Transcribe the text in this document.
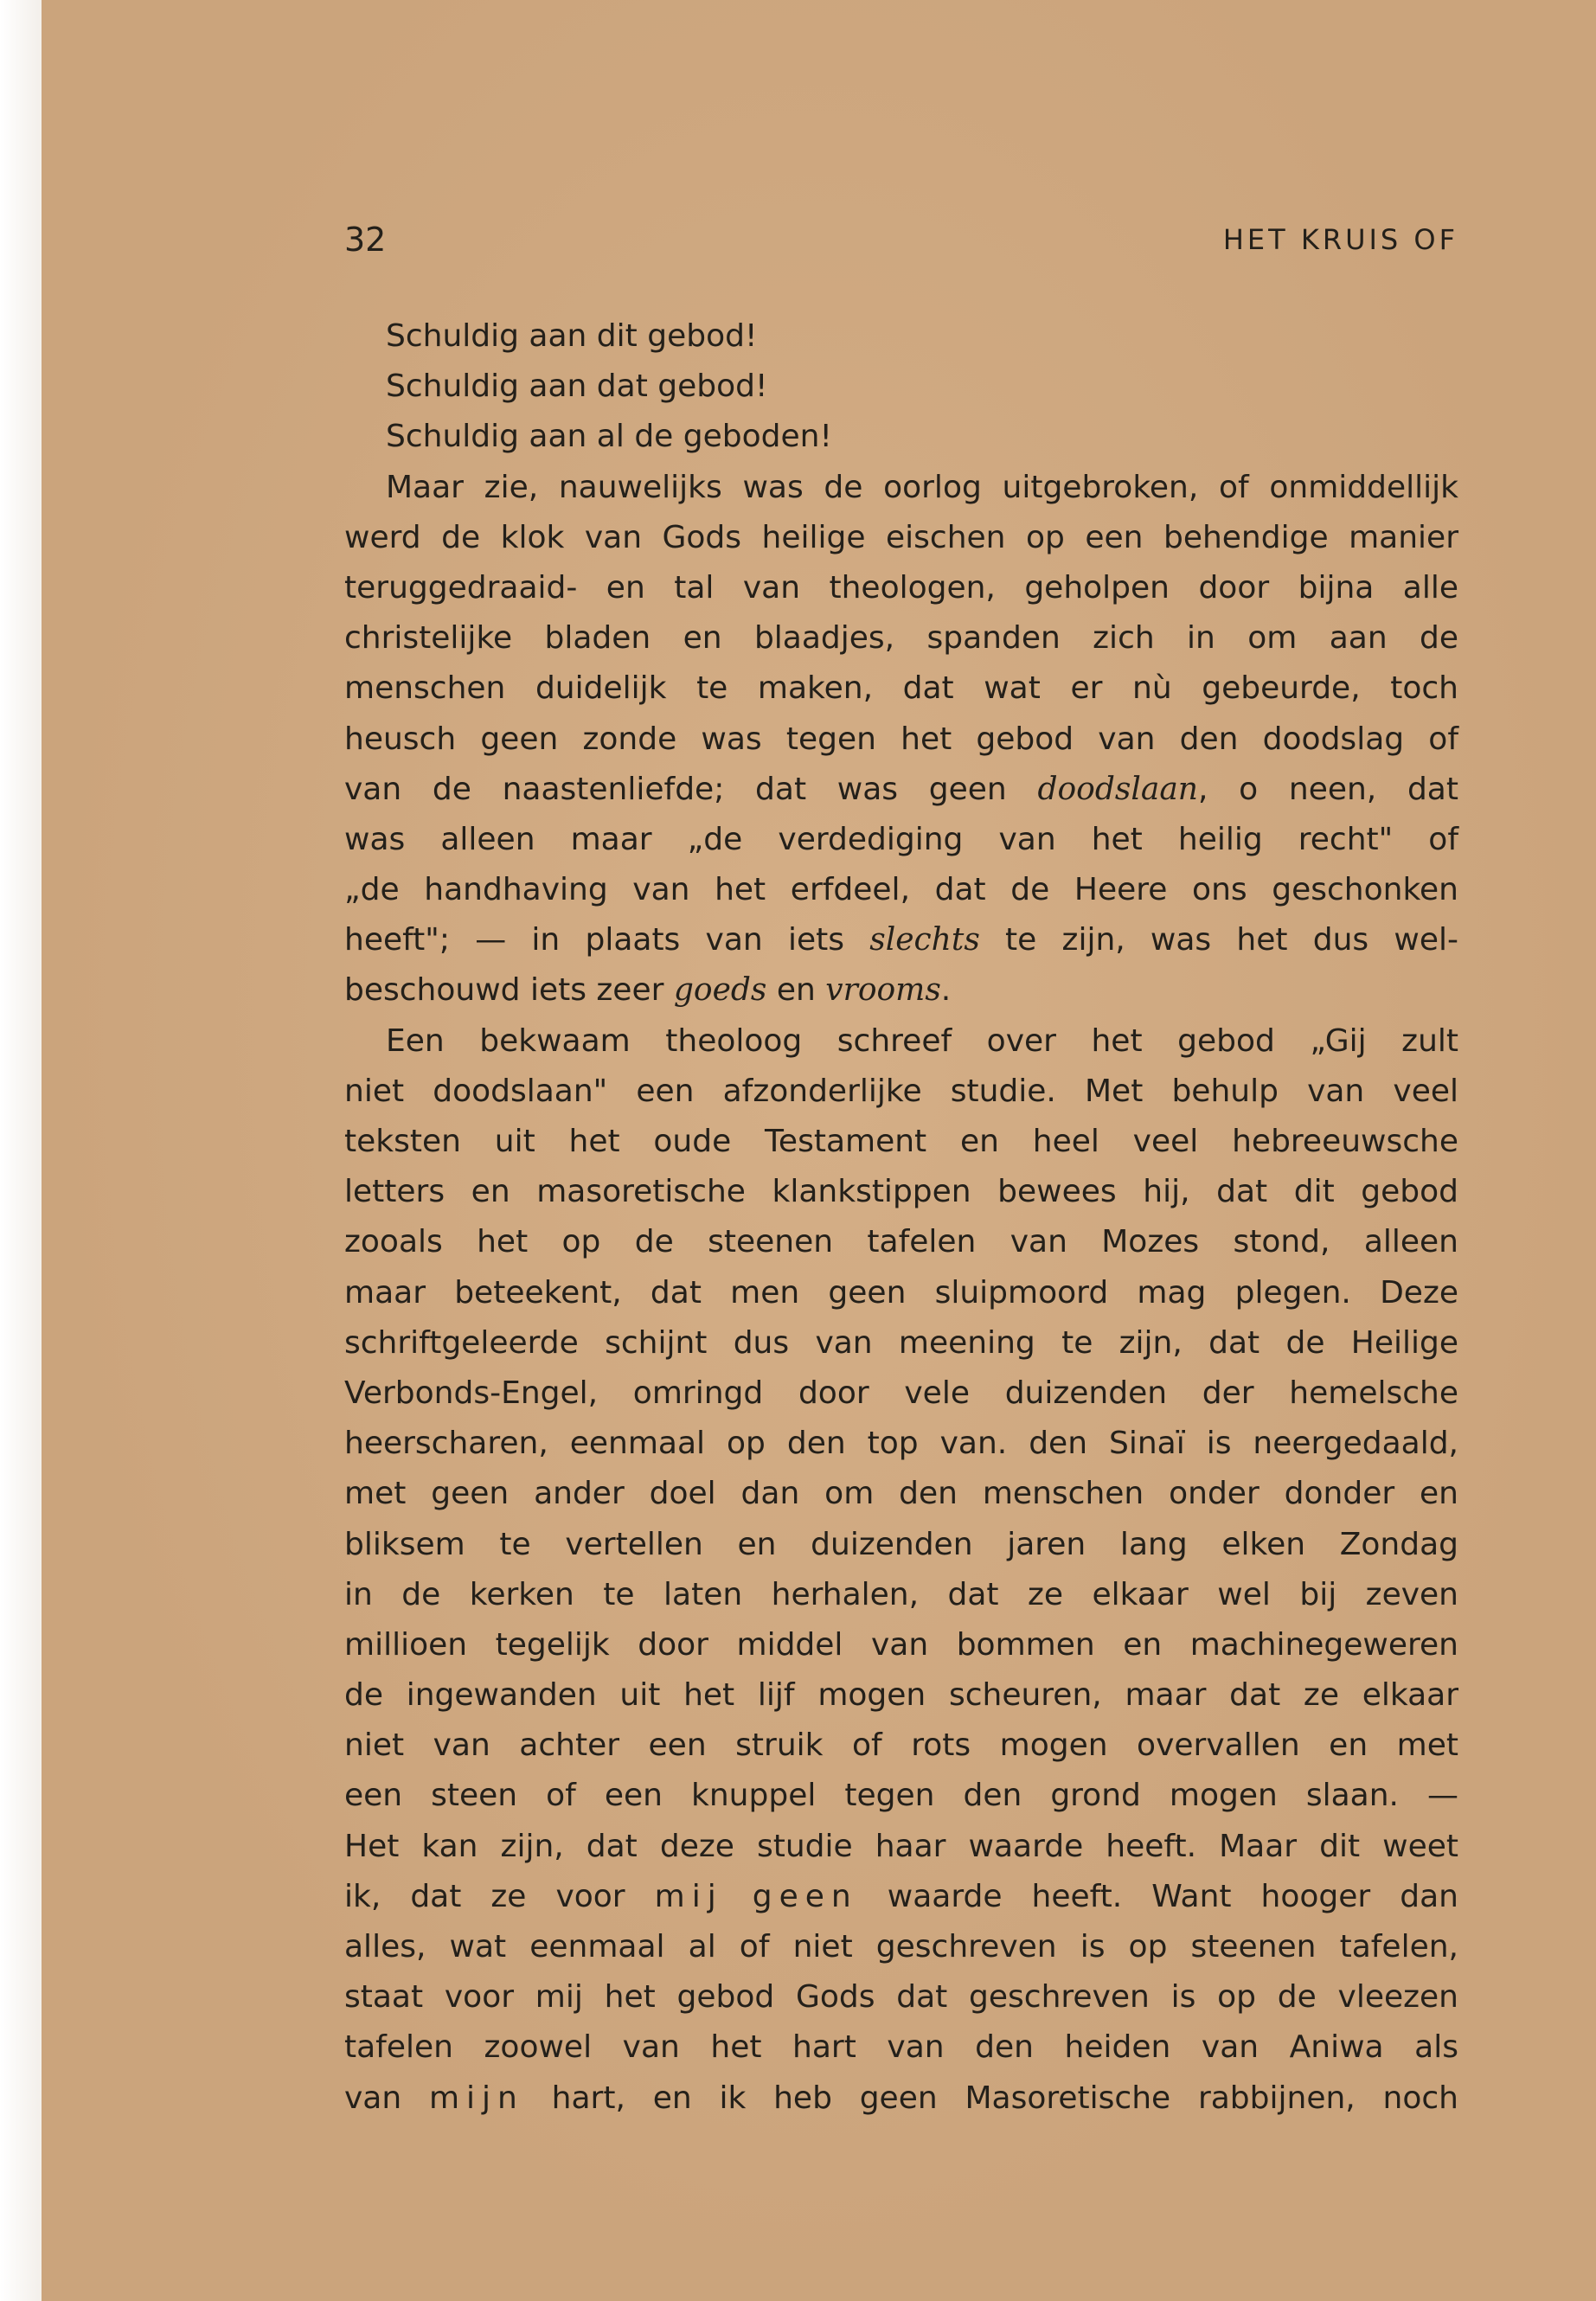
32	HET KRUIS OF
Schuldig aan dit gebod!
Schuldig aan dat gebod!
Schuldig aan al de geboden!
Maar zie, nauwelijks was de oorlog uitgebroken, of onmiddellijk
werd de klok van Gods heilige eischen op een behendige manier
teruggedraaid- en tal van theologen, geholpen door bijna alle
christelijke bladen en blaadjes, spanden zich in om aan de
menschen duidelijk te maken, dat wat er nù gebeurde, toch
heusch geen zonde was tegen het gebod van den doodslag of
van de naastenliefde; dat was geen doodslaan, o neen, dat
was alleen maar „de verdediging van het heilig recht" of
„de handhaving van het erfdeel, dat de Heere ons geschonken
heeft"; — in plaats van iets slechts te zijn, was het dus wel-
beschouwd iets zeer goeds en vrooms.
Een bekwaam theoloog schreef over het gebod „Gij zult
niet doodslaan" een afzonderlijke studie. Met behulp van veel
teksten uit het oude Testament en heel veel hebreeuwsche
letters en masoretische klankstippen bewees hij, dat dit gebod
zooals het op de steenen tafelen van Mozes stond, alleen
maar beteekent, dat men geen sluipmoord mag plegen. Deze
schriftgeleerde schijnt dus van meening te zijn, dat de Heilige
Verbonds-Engel, omringd door vele duizenden der hemelsche
heerscharen, eenmaal op den top van. den Sinaï is neergedaald,
met geen ander doel dan om den menschen onder donder en
bliksem te vertellen en duizenden jaren lang elken Zondag
in de kerken te laten herhalen, dat ze elkaar wel bij zeven
millioen tegelijk door middel van bommen en machinegeweren
de ingewanden uit het lijf mogen scheuren, maar dat ze elkaar
niet van achter een struik of rots mogen overvallen en met
een steen of een knuppel tegen den grond mogen slaan. —
Het kan zijn, dat deze studie haar waarde heeft. Maar dit weet
ik, dat ze voor mij geen waarde heeft. Want hooger dan
alles, wat eenmaal al of niet geschreven is op steenen tafelen,
staat voor mij het gebod Gods dat geschreven is op de vleezen
tafelen zoowel van het hart van den heiden van Aniwa als
van mijn hart, en ik heb geen Masoretische rabbijnen, noch
